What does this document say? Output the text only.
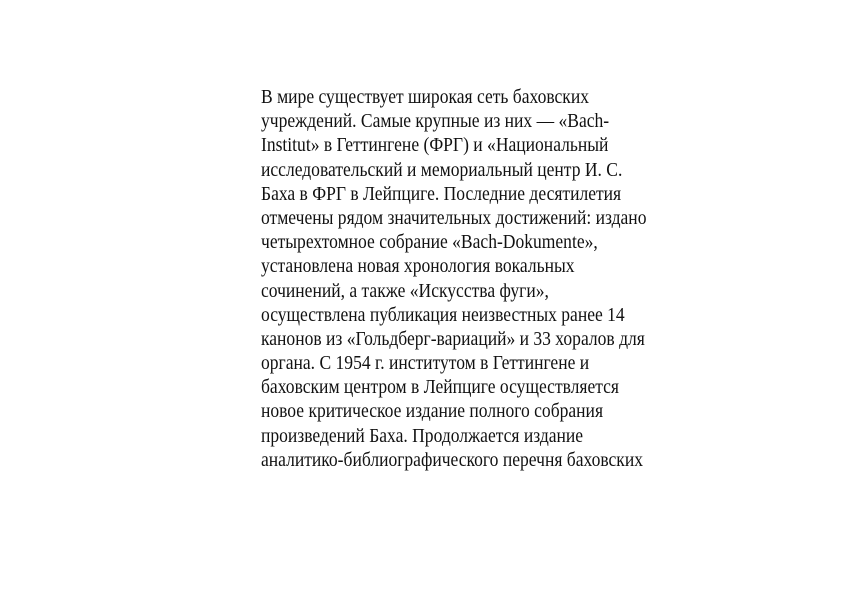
В мире существует широкая сеть баховских
учреждений. Самые крупные из них — «Bach-
Institut» в Геттингене (ФРГ) и «Национальный
исследовательский и мемориальный центр И. С.
Баха в ФРГ в Лейпциге. Последние десятилетия
отмечены рядом значительных достижений: издано
четырехтомное собрание «Bach-Dokumente»,
установлена новая хронология вокальных
сочинений, а также «Искусства фуги»,
осуществлена публикация неизвестных ранее 14
канонов из «Гольдберг-вариаций» и 33 хоралов для
органа. С 1954 г. институтом в Геттингене и
баховским центром в Лейпциге осуществляется
новое критическое издание полного собрания
произведений Баха. Продолжается издание
аналитико-библиографического перечня баховских
